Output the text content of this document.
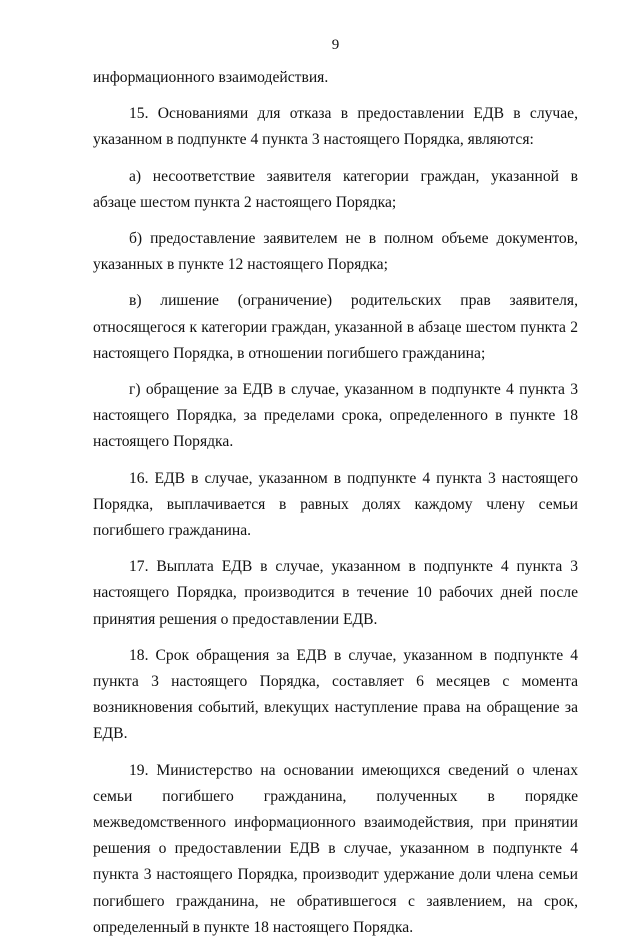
9

информационного взаимодействия.

15. Основаниями для отказа в предоставлении ЕДВ в случае, указанном в подпункте 4 пункта 3 настоящего Порядка, являются:

а) несоответствие заявителя категории граждан, указанной в абзаце шестом пункта 2 настоящего Порядка;

б) предоставление заявителем не в полном объеме документов, указанных в пункте 12 настоящего Порядка;

в) лишение (ограничение) родительских прав заявителя, относящегося к категории граждан, указанной в абзаце шестом пункта 2 настоящего Порядка, в отношении погибшего гражданина;

г) обращение за ЕДВ в случае, указанном в подпункте 4 пункта 3 настоящего Порядка, за пределами срока, определенного в пункте 18 настоящего Порядка.

16. ЕДВ в случае, указанном в подпункте 4 пункта 3 настоящего Порядка, выплачивается в равных долях каждому члену семьи погибшего гражданина.

17. Выплата ЕДВ в случае, указанном в подпункте 4 пункта 3 настоящего Порядка, производится в течение 10 рабочих дней после принятия решения о предоставлении ЕДВ.

18. Срок обращения за ЕДВ в случае, указанном в подпункте 4 пункта 3 настоящего Порядка, составляет 6 месяцев с момента возникновения событий, влекущих наступление права на обращение за ЕДВ.

19. Министерство на основании имеющихся сведений о членах семьи погибшего гражданина, полученных в порядке межведомственного информационного взаимодействия, при принятии решения о предоставлении ЕДВ в случае, указанном в подпункте 4 пункта 3 настоящего Порядка, производит удержание доли члена семьи погибшего гражданина, не обратившегося с заявлением, на срок, определенный в пункте 18 настоящего Порядка.
